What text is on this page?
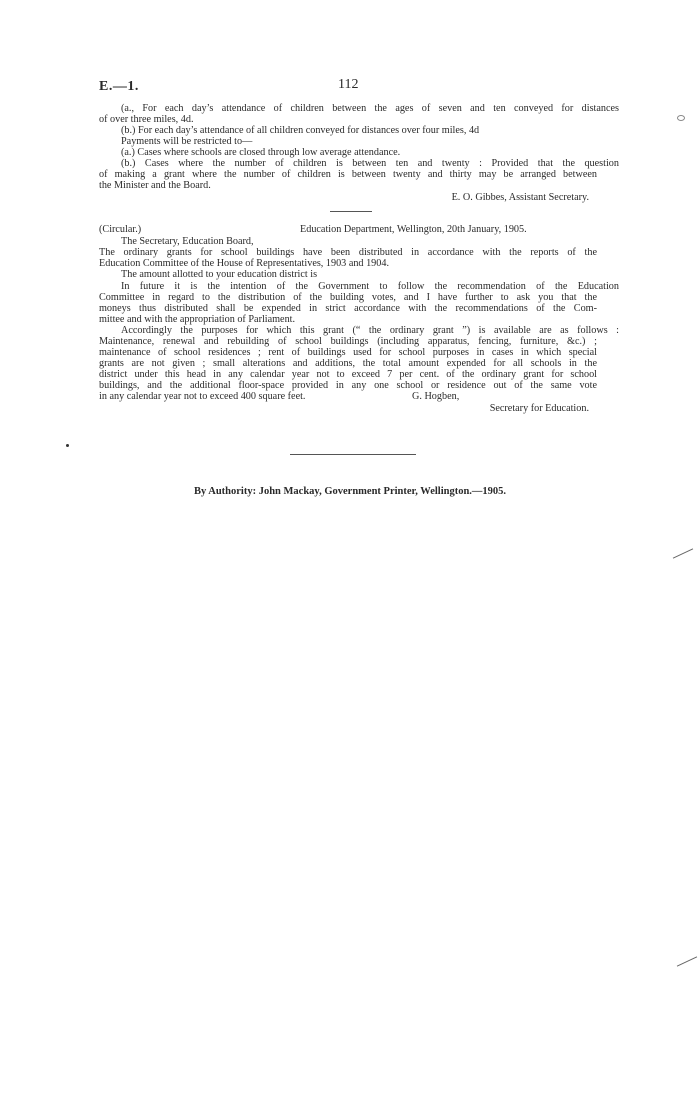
E.—1.	112
(a., For each day’s attendance of children between the ages of seven and ten conveyed for distances
of over three miles, 4d.
(b.) For each day’s attendance of all children conveyed for distances over four miles, 4d
Payments will be restricted to—
(a.) Cases where schools are closed through low average attendance.
(b.) Cases where the number of children is between ten and twenty : Provided that the question
of making a grant where the number of children is between twenty and thirty may be arranged between
the Minister and the Board.
E. O. Gibbes, Assistant Secretary.
(Circular.)	Education Department, Wellington, 20th January, 1905.
The Secretary, Education Board,
The ordinary grants for school buildings have been distributed in accordance with the reports of the
Education Committee of the House of Representatives, 1903 and 1904.
The amount allotted to your education district is
In future it is the intention of the Government to follow the recommendation of the Education
Committee in regard to the distribution of the building votes, and I have further to ask you that the
moneys thus distributed shall be expended in strict accordance with the recommendations of the Com-
mittee and with the appropriation of Parliament.
Accordingly the purposes for which this grant (“ the ordinary grant ”) is available are as follows :
Maintenance, renewal and rebuilding of school buildings (including apparatus, fencing, furniture, &c.) ;
maintenance of school residences ; rent of buildings used for school purposes in cases in which special
grants are not given ; small alterations and additions, the total amount expended for all schools in the
district under this head in any calendar year not to exceed 7 per cent. of the ordinary grant for school
buildings, and the additional floor-space provided in any one school or residence out of the same vote
in any calendar year not to exceed 400 square feet.	G. Hogben,
Secretary for Education.
By Authority: John Mackay, Government Printer, Wellington.—1905.
